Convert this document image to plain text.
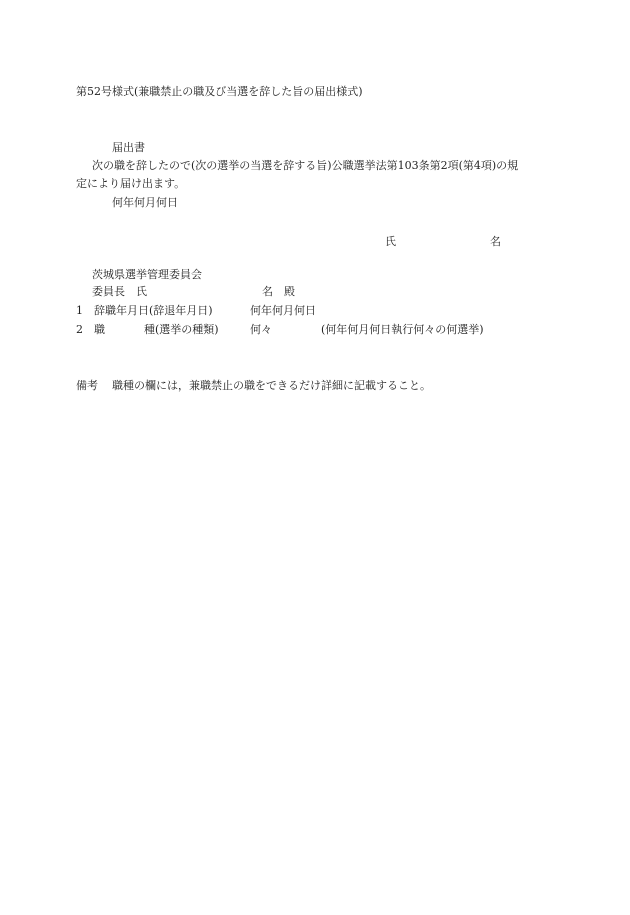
第52号様式(兼職禁止の職及び当選を辞した旨の届出様式)
届出書
次の職を辞したので(次の選挙の当選を辞する旨)公職選挙法第103条第2項(第4項)の規
定により届け出ます。
何年何月何日
氏	名
茨城県選挙管理委員会
委員長　氏	名　殿
1 辞職年月日(辞退年月日)	何年何月何日
2 職	種(選挙の種類)	何々	(何年何月何日執行何々の何選挙)
備考 職種の欄には，兼職禁止の職をできるだけ詳細に記載すること。
